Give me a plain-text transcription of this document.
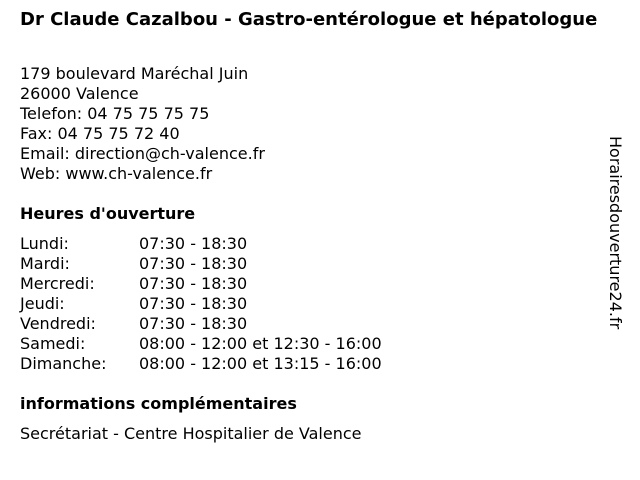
Dr Claude Cazalbou - Gastro-entérologue et hépatologue
179 boulevard Maréchal Juin
26000 Valence
Telefon: 04 75 75 75 75
Fax: 04 75 75 72 40
Email: direction@ch-valence.fr
Web: www.ch-valence.fr
Heures d'ouverture
Lundi:	07:30 - 18:30
Mardi:	07:30 - 18:30
Mercredi:	07:30 - 18:30
Jeudi:	07:30 - 18:30
Vendredi:	07:30 - 18:30
Samedi:	08:00 - 12:00 et 12:30 - 16:00
Dimanche:	08:00 - 12:00 et 13:15 - 16:00
informations complémentaires
Secrétariat - Centre Hospitalier de Valence
Horairesdouverture24.fr
